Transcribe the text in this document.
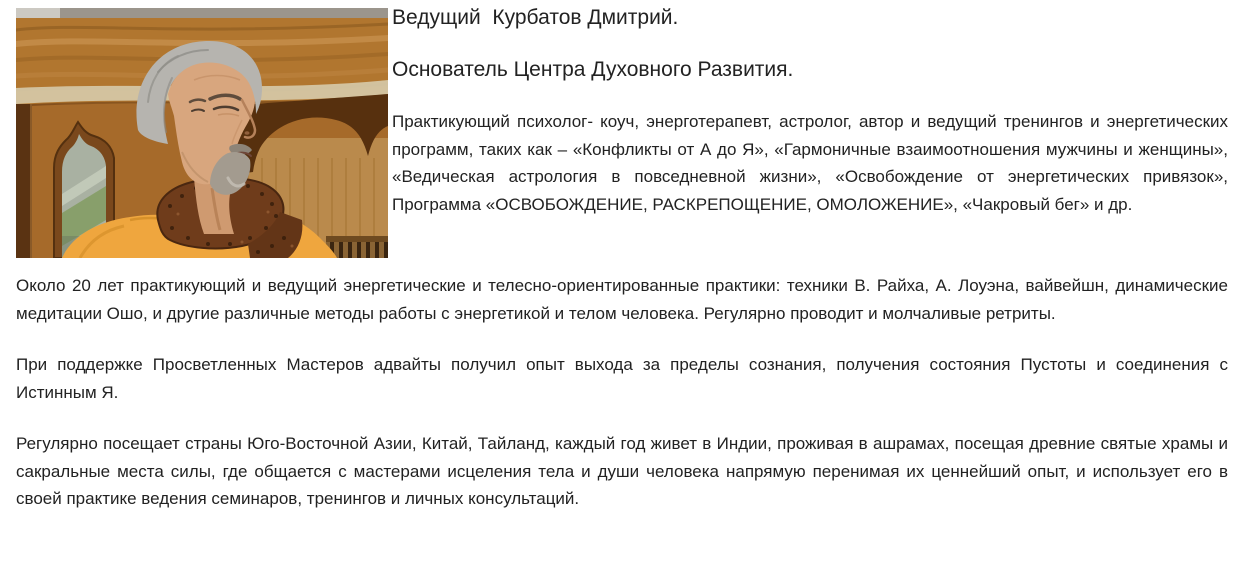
Ведущий  Курбатов Дмитрий.

Основатель Центра Духовного Развития.

Практикующий психолог- коуч, энерготерапевт, астролог, автор и ведущий тренингов и энергетических программ, таких как – «Конфликты от А до Я», «Гармоничные взаимоотношения мужчины и женщины», «Ведическая астрология в повседневной жизни», «Освобождение от энергетических привязок», Программа «ОСВОБОЖДЕНИЕ, РАСКРЕПОЩЕНИЕ, ОМОЛОЖЕНИЕ», «Чакровый бег» и др.

Около 20 лет практикующий и ведущий энергетические и телесно-ориентированные практики: техники В. Райха, А. Лоуэна, вайвейшн, динамические медитации Ошо, и другие различные методы работы с энергетикой и телом человека. Регулярно проводит и молчаливые ретриты.

При поддержке Просветленных Мастеров адвайты получил опыт выхода за пределы сознания, получения состояния Пустоты и соединения с Истинным Я.

Регулярно посещает страны Юго-Восточной Азии, Китай, Тайланд, каждый год живет в Индии, проживая в ашрамах, посещая древние святые храмы и сакральные места силы, где общается с мастерами исцеления тела и души человека напрямую перенимая их ценнейший опыт, и использует его в своей практике ведения семинаров, тренингов и личных консультаций.
